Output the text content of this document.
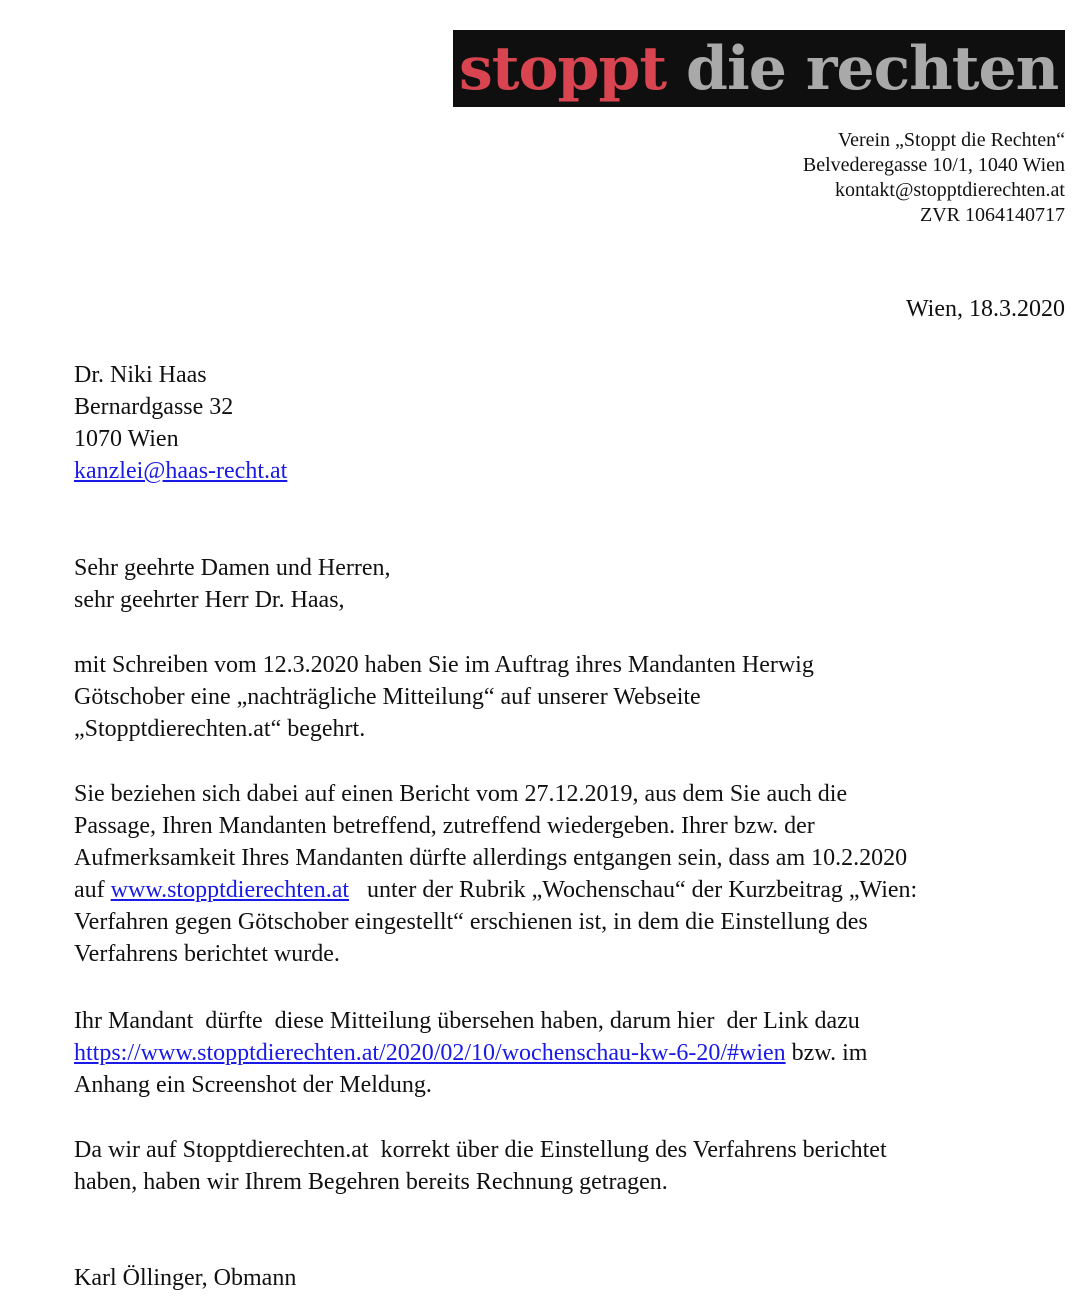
stoppt
die rechten
Verein „Stoppt die Rechten“
Belvederegasse 10/1, 1040 Wien
kontakt@stopptdierechten.at
ZVR 1064140717
Wien, 18.3.2020
Dr. Niki Haas
Bernardgasse 32
1070 Wien
kanzlei@haas-recht.at
Sehr geehrte Damen und Herren,
sehr geehrter Herr Dr. Haas,
mit Schreiben vom 12.3.2020 haben Sie im Auftrag ihres Mandanten Herwig
Götschober eine „nachträgliche Mitteilung“ auf unserer Webseite
„Stopptdierechten.at“ begehrt.
Sie beziehen sich dabei auf einen Bericht vom 27.12.2019, aus dem Sie auch die
Passage, Ihren Mandanten betreffend, zutreffend wiedergeben. Ihrer bzw. der
Aufmerksamkeit Ihres Mandanten dürfte allerdings entgangen sein, dass am 10.2.2020
auf www.stopptdierechten.at   unter der Rubrik „Wochenschau“ der Kurzbeitrag „Wien:
Verfahren gegen Götschober eingestellt“ erschienen ist, in dem die Einstellung des
Verfahrens berichtet wurde.
Ihr Mandant  dürfte  diese Mitteilung übersehen haben, darum hier  der Link dazu
https://www.stopptdierechten.at/2020/02/10/wochenschau-kw-6-20/#wien bzw. im
Anhang ein Screenshot der Meldung.
Da wir auf Stopptdierechten.at  korrekt über die Einstellung des Verfahrens berichtet
haben, haben wir Ihrem Begehren bereits Rechnung getragen.
Karl Öllinger, Obmann
